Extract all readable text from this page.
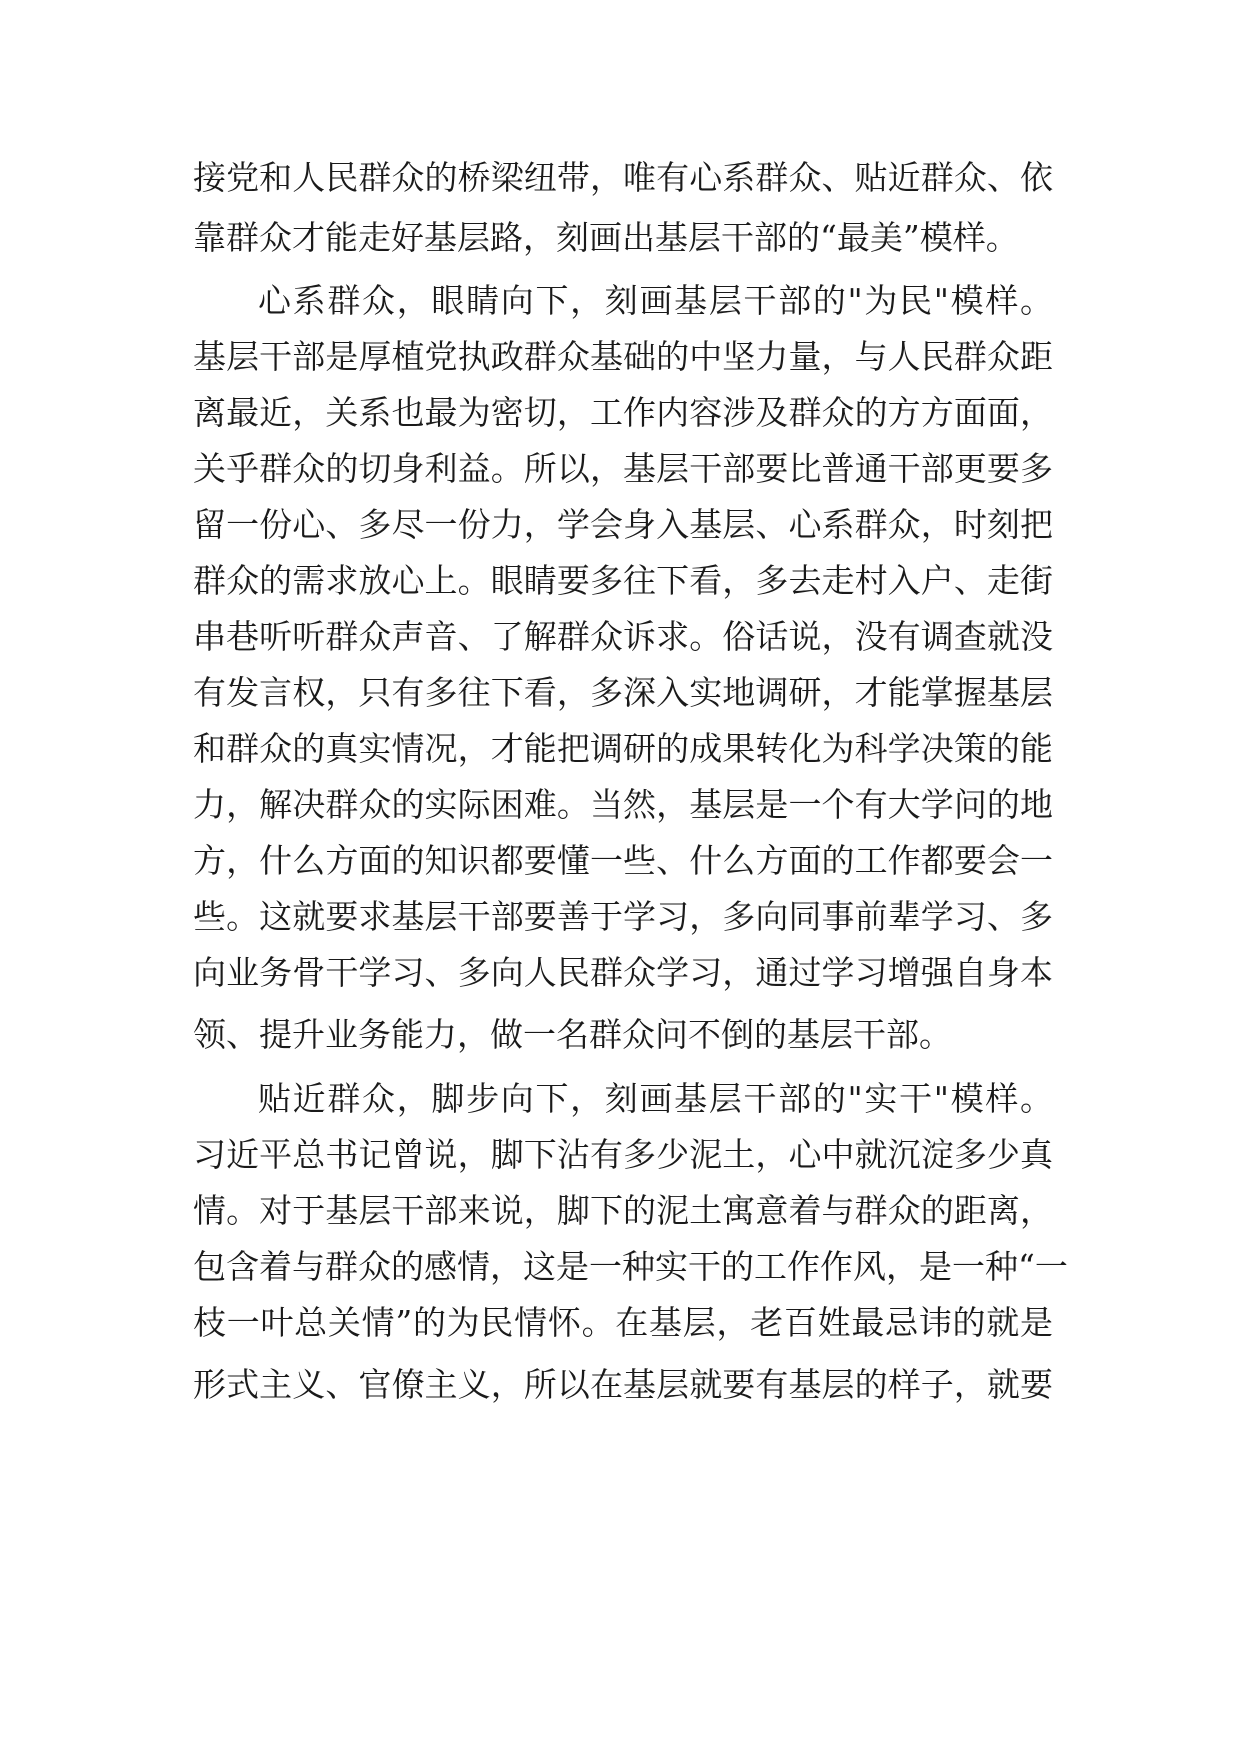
接党和人民群众的桥梁纽带，唯有心系群众、贴近群众、依

靠群众才能走好基层路，刻画出基层干部的“最美”模样。

心系群众，眼睛向下，刻画基层干部的"为民"模样。

基层干部是厚植党执政群众基础的中坚力量，与人民群众距

离最近，关系也最为密切，工作内容涉及群众的方方面面，

关乎群众的切身利益。所以，基层干部要比普通干部更要多

留一份心、多尽一份力，学会身入基层、心系群众，时刻把

群众的需求放心上。眼睛要多往下看，多去走村入户、走街

串巷听听群众声音、了解群众诉求。俗话说，没有调查就没

有发言权，只有多往下看，多深入实地调研，才能掌握基层

和群众的真实情况，才能把调研的成果转化为科学决策的能

力，解决群众的实际困难。当然，基层是一个有大学问的地

方，什么方面的知识都要懂一些、什么方面的工作都要会一

些。这就要求基层干部要善于学习，多向同事前辈学习、多

向业务骨干学习、多向人民群众学习，通过学习增强自身本

领、提升业务能力，做一名群众问不倒的基层干部。

贴近群众，脚步向下，刻画基层干部的"实干"模样。

习近平总书记曾说，脚下沾有多少泥土，心中就沉淀多少真

情。对于基层干部来说，脚下的泥土寓意着与群众的距离，

包含着与群众的感情，这是一种实干的工作作风，是一种“一

枝一叶总关情”的为民情怀。在基层，老百姓最忌讳的就是

形式主义、官僚主义，所以在基层就要有基层的样子，就要
